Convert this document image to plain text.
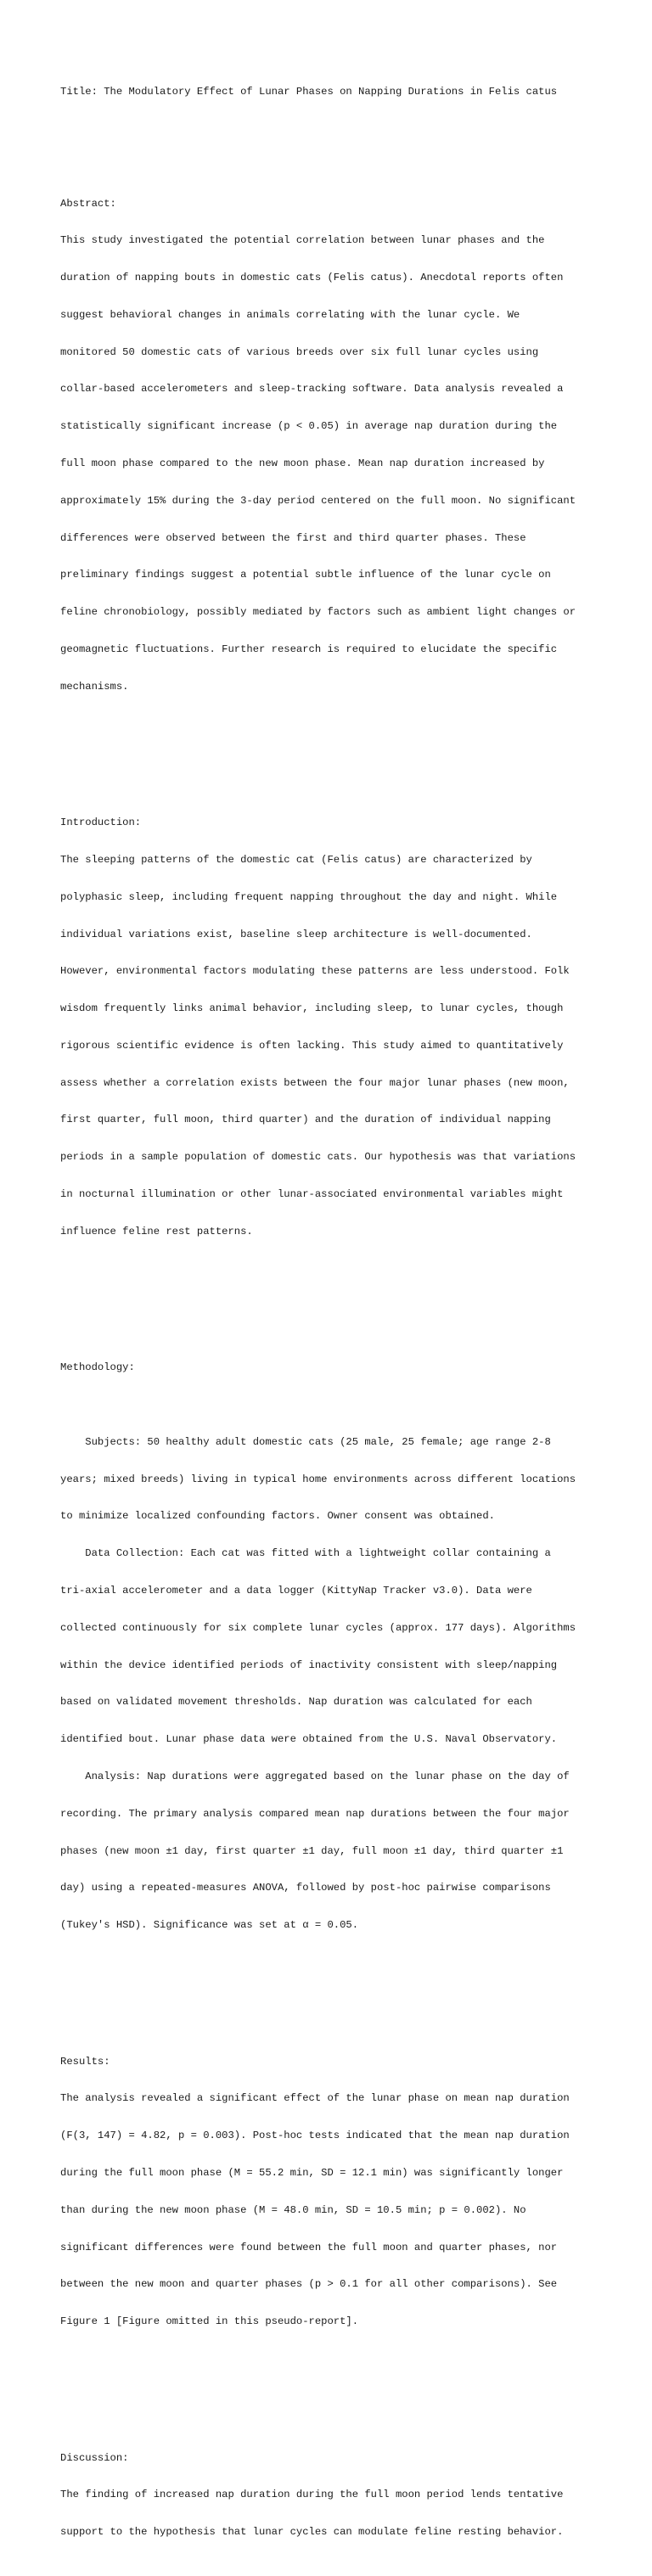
Title: The Modulatory Effect of Lunar Phases on Napping Durations in Felis catus

Abstract:

This study investigated the potential correlation between lunar phases and the

duration of napping bouts in domestic cats (Felis catus). Anecdotal reports often

suggest behavioral changes in animals correlating with the lunar cycle. We

monitored 50 domestic cats of various breeds over six full lunar cycles using

collar-based accelerometers and sleep-tracking software. Data analysis revealed a

statistically significant increase (p < 0.05) in average nap duration during the

full moon phase compared to the new moon phase. Mean nap duration increased by

approximately 15% during the 3-day period centered on the full moon. No significant

differences were observed between the first and third quarter phases. These

preliminary findings suggest a potential subtle influence of the lunar cycle on

feline chronobiology, possibly mediated by factors such as ambient light changes or

geomagnetic fluctuations. Further research is required to elucidate the specific

mechanisms.

Introduction:

The sleeping patterns of the domestic cat (Felis catus) are characterized by

polyphasic sleep, including frequent napping throughout the day and night. While

individual variations exist, baseline sleep architecture is well-documented.

However, environmental factors modulating these patterns are less understood. Folk

wisdom frequently links animal behavior, including sleep, to lunar cycles, though

rigorous scientific evidence is often lacking. This study aimed to quantitatively

assess whether a correlation exists between the four major lunar phases (new moon,

first quarter, full moon, third quarter) and the duration of individual napping

periods in a sample population of domestic cats. Our hypothesis was that variations

in nocturnal illumination or other lunar-associated environmental variables might

influence feline rest patterns.

Methodology:

Subjects: 50 healthy adult domestic cats (25 male, 25 female; age range 2-8

years; mixed breeds) living in typical home environments across different locations

to minimize localized confounding factors. Owner consent was obtained.

Data Collection: Each cat was fitted with a lightweight collar containing a

tri-axial accelerometer and a data logger (KittyNap Tracker v3.0). Data were

collected continuously for six complete lunar cycles (approx. 177 days). Algorithms

within the device identified periods of inactivity consistent with sleep/napping

based on validated movement thresholds. Nap duration was calculated for each

identified bout. Lunar phase data were obtained from the U.S. Naval Observatory.

Analysis: Nap durations were aggregated based on the lunar phase on the day of

recording. The primary analysis compared mean nap durations between the four major

phases (new moon ±1 day, first quarter ±1 day, full moon ±1 day, third quarter ±1

day) using a repeated-measures ANOVA, followed by post-hoc pairwise comparisons

(Tukey's HSD). Significance was set at α = 0.05.

Results:

The analysis revealed a significant effect of the lunar phase on mean nap duration

(F(3, 147) = 4.82, p = 0.003). Post-hoc tests indicated that the mean nap duration

during the full moon phase (M = 55.2 min, SD = 12.1 min) was significantly longer

than during the new moon phase (M = 48.0 min, SD = 10.5 min; p = 0.002). No

significant differences were found between the full moon and quarter phases, nor

between the new moon and quarter phases (p > 0.1 for all other comparisons). See

Figure 1 [Figure omitted in this pseudo-report].

Discussion:

The finding of increased nap duration during the full moon period lends tentative

support to the hypothesis that lunar cycles can modulate feline resting behavior.
